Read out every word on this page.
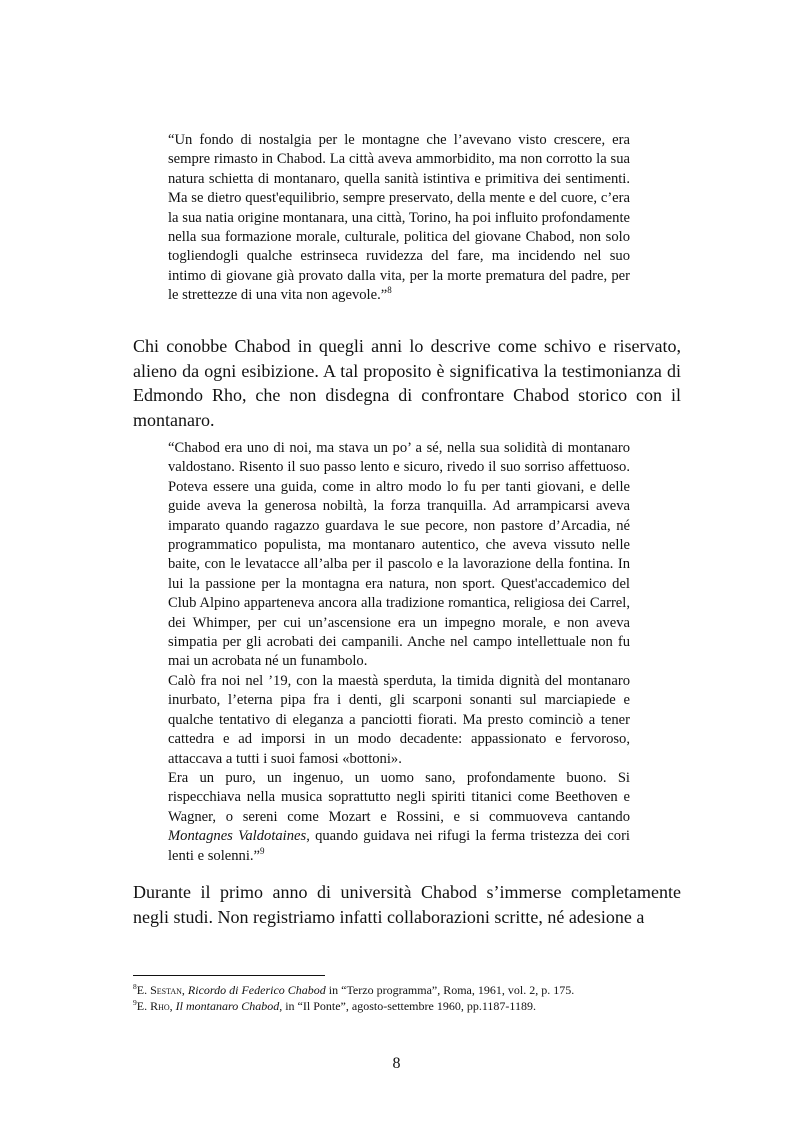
“Un fondo di nostalgia per le montagne che l’avevano visto crescere, era sempre rimasto in Chabod. La città aveva ammorbidito, ma non corrotto la sua natura schietta di montanaro, quella sanità istintiva e primitiva dei sentimenti. Ma se dietro quest'equilibrio, sempre preservato, della mente e del cuore, c’era la sua natia origine montanara, una città, Torino, ha poi influito profondamente nella sua formazione morale, culturale, politica del giovane Chabod, non solo togliendogli qualche estrinseca ruvidezza del fare, ma incidendo nel suo intimo di giovane già provato dalla vita, per la morte prematura del padre, per le strettezze di una vita non agevole.”$^8$

Chi conobbe Chabod in quegli anni lo descrive come schivo e riservato, alieno da ogni esibizione. A tal proposito è significativa la testimonianza di Edmondo Rho, che non disdegna di confrontare Chabod storico con il montanaro.

“Chabod era uno di noi, ma stava un po’ a sé, nella sua solidità di montanaro valdostano. Risento il suo passo lento e sicuro, rivedo il suo sorriso affettuoso. Poteva essere una guida, come in altro modo lo fu per tanti giovani, e delle guide aveva la generosa nobiltà, la forza tranquilla. Ad arrampicarsi aveva imparato quando ragazzo guardava le sue pecore, non pastore d’Arcadia, né programmatico populista, ma montanaro autentico, che aveva vissuto nelle baite, con le levatacce all’alba per il pascolo e la lavorazione della fontina. In lui la passione per la montagna era natura, non sport. Quest'accademico del Club Alpino apparteneva ancora alla tradizione romantica, religiosa dei Carrel, dei Whimper, per cui un’ascensione era un impegno morale, e non aveva simpatia per gli acrobati dei campanili. Anche nel campo intellettuale non fu mai un acrobata né un funambolo.

Calò fra noi nel ’19, con la maestà sperduta, la timida dignità del montanaro inurbato, l’eterna pipa fra i denti, gli scarponi sonanti sul marciapiede e qualche tentativo di eleganza a panciotti fiorati. Ma presto cominciò a tener cattedra e ad imporsi in un modo decadente: appassionato e fervoroso, attaccava a tutti i suoi famosi «bottoni».

Era un puro, un ingenuo, un uomo sano, profondamente buono. Si rispecchiava nella musica soprattutto negli spiriti titanici come Beethoven e Wagner, o sereni come Mozart e Rossini, e si commuoveva cantando Montagnes Valdotaines, quando guidava nei rifugi la ferma tristezza dei cori lenti e solenni.”$^9$

Durante il primo anno di università Chabod s’immerse completamente negli studi. Non registriamo infatti collaborazioni scritte, né adesione a

$^8$E. Sestan, Ricordo di Federico Chabod in “Terzo programma”, Roma, 1961, vol. 2, p. 175.

$^9$E. Rho, Il montanaro Chabod, in “Il Ponte”, agosto-settembre 1960, pp.1187-1189.

8
